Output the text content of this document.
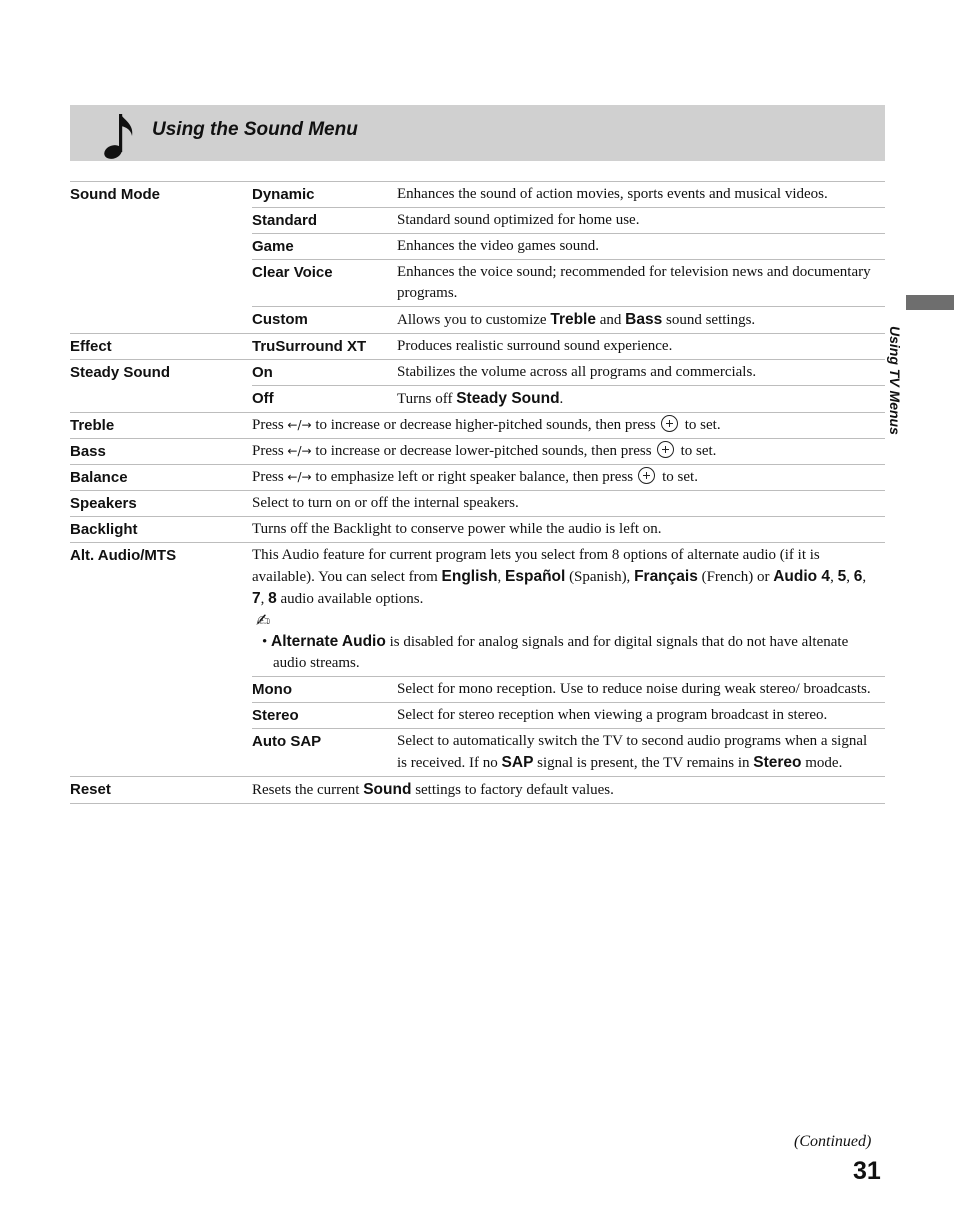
Using the Sound Menu
Using TV Menus
Sound Mode	Dynamic	Enhances the sound of action movies, sports events and musical videos.
	Standard	Standard sound optimized for home use.
	Game	Enhances the video games sound.
	Clear Voice	Enhances the voice sound; recommended for television news and documentary programs.
	Custom	Allows you to customize Treble and Bass sound settings.
Effect	TruSurround XT	Produces realistic surround sound experience.
Steady Sound	On	Stabilizes the volume across all programs and commercials.
	Off	Turns off Steady Sound.
Treble	Press ←/→ to increase or decrease higher-pitched sounds, then press to set.	
Bass	Press ←/→ to increase or decrease lower-pitched sounds, then press to set.	
Balance	Press ←/→ to emphasize left or right speaker balance, then press to set.	
Speakers	Select to turn on or off the internal speakers.	
Backlight	Turns off the Backlight to conserve power while the audio is left on.	
Alt. Audio/MTS	This Audio feature for current program lets you select from 8 options of alternate audio (if it is available). You can select from English, Español (Spanish), Français (French) or Audio 4, 5, 6, 7, 8 audio available options.
✍
• Alternate Audio is disabled for analog signals and for digital signals that do not have altenate audio streams.	

	Mono	Select for mono reception. Use to reduce noise during weak stereo/ broadcasts.
	Stereo	Select for stereo reception when viewing a program broadcast in stereo.
	Auto SAP	Select to automatically switch the TV to second audio programs when a signal is received. If no SAP signal is present, the TV remains in Stereo mode.
Reset	Resets the current Sound settings to factory default values.	
(Continued)
31
